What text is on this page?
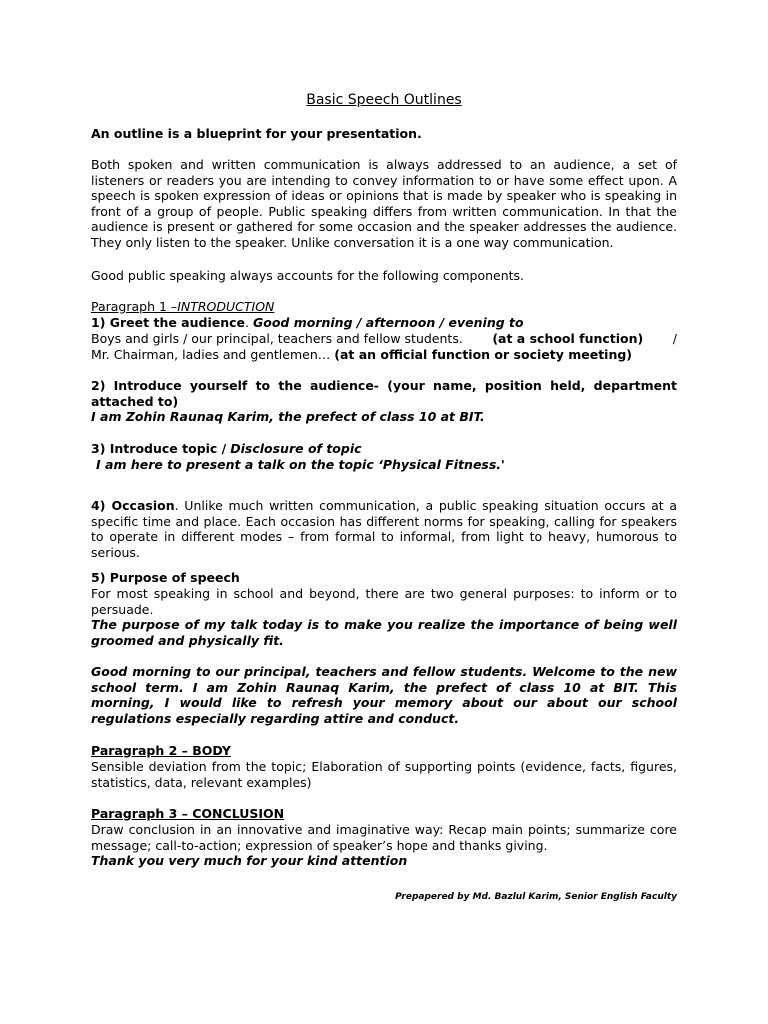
Basic Speech Outlines
An outline is a blueprint for your presentation.
Both spoken and written communication is always addressed to an audience, a set of listeners or readers you are intending to convey information to or have some effect upon. A speech is spoken expression of ideas or opinions that is made by speaker who is speaking in front of a group of people. Public speaking differs from written communication. In that the audience is present or gathered for some occasion and the speaker addresses the audience. They only listen to the speaker. Unlike conversation it is a one way communication.
Good public speaking always accounts for the following components.
Paragraph 1 –INTRODUCTION
1) Greet the audience. Good morning / afternoon / evening to
Boys and girls / our principal, teachers and fellow students. (at a school function) /
Mr. Chairman, ladies and gentlemen… (at an official function or society meeting)
2) Introduce yourself to the audience- (your name, position held, department attached to)
I am Zohin Raunaq Karim, the prefect of class 10 at BIT.
3) Introduce topic / Disclosure of topic
I am here to present a talk on the topic ‘Physical Fitness.'
4) Occasion. Unlike much written communication, a public speaking situation occurs at a specific time and place. Each occasion has different norms for speaking, calling for speakers to operate in different modes – from formal to informal, from light to heavy, humorous to serious.
5) Purpose of speech
For most speaking in school and beyond, there are two general purposes: to inform or to persuade.
The purpose of my talk today is to make you realize the importance of being well groomed and physically fit.
Good morning to our principal, teachers and fellow students. Welcome to the new school term. I am Zohin Raunaq Karim, the prefect of class 10 at BIT. This morning, I would like to refresh your memory about our about our school regulations especially regarding attire and conduct.
Paragraph 2 – BODY
Sensible deviation from the topic; Elaboration of supporting points (evidence, facts, figures, statistics, data, relevant examples)
Paragraph 3 – CONCLUSION
Draw conclusion in an innovative and imaginative way: Recap main points; summarize core message; call-to-action; expression of speaker’s hope and thanks giving.
Thank you very much for your kind attention
Prepapered by Md. Bazlul Karim, Senior English Faculty
